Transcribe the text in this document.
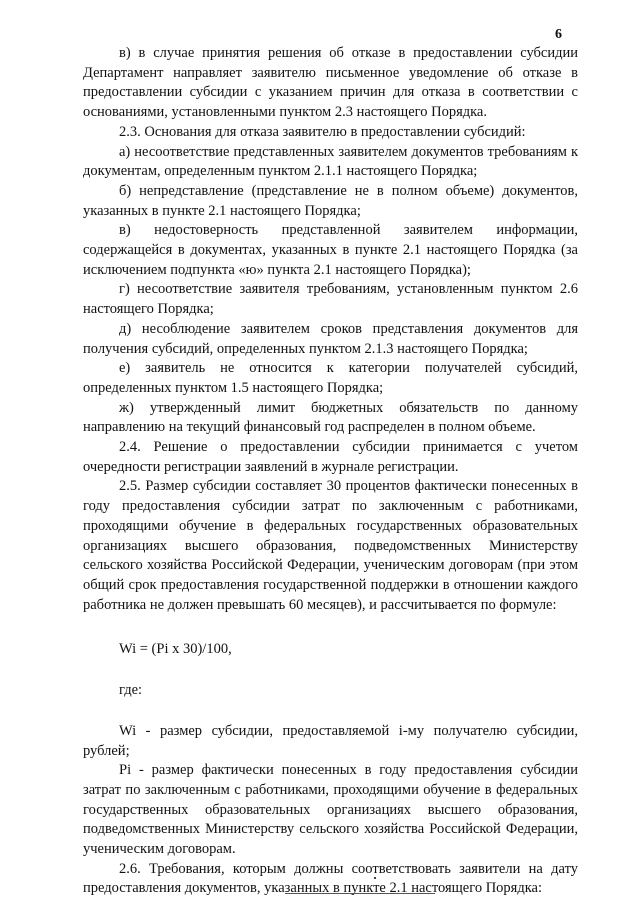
6

в) в случае принятия решения об отказе в предоставлении субсидии Департамент направляет заявителю письменное уведомление об отказе в предоставлении субсидии с указанием причин для отказа в соответствии с основаниями, установленными пунктом 2.3 настоящего Порядка.

2.3. Основания для отказа заявителю в предоставлении субсидий:

а) несоответствие представленных заявителем документов требованиям к документам, определенным пунктом 2.1.1 настоящего Порядка;

б) непредставление (представление не в полном объеме) документов, указанных в пункте 2.1 настоящего Порядка;

в) недостоверность представленной заявителем информации, содержащейся в документах, указанных в пункте 2.1 настоящего Порядка (за исключением подпункта «ю» пункта 2.1 настоящего Порядка);

г) несоответствие заявителя требованиям, установленным пунктом 2.6 настоящего Порядка;

д) несоблюдение заявителем сроков представления документов для получения субсидий, определенных пунктом 2.1.3 настоящего Порядка;

е) заявитель не относится к категории получателей субсидий, определенных пунктом 1.5 настоящего Порядка;

ж) утвержденный лимит бюджетных обязательств по данному направлению на текущий финансовый год распределен в полном объеме.

2.4. Решение о предоставлении субсидии принимается с учетом очередности регистрации заявлений в журнале регистрации.

2.5. Размер субсидии составляет 30 процентов фактически понесенных в году предоставления субсидии затрат по заключенным с работниками, проходящими обучение в федеральных государственных образовательных организациях высшего образования, подведомственных Министерству сельского хозяйства Российской Федерации, ученическим договорам (при этом общий срок предоставления государственной поддержки в отношении каждого работника не должен превышать 60 месяцев), и рассчитывается по формуле:

Wi = (Pi x 30)/100,

где:

Wi - размер субсидии, предоставляемой i-му получателю субсидии, рублей;

Pi - размер фактически понесенных в году предоставления субсидии затрат по заключенным с работниками, проходящими обучение в федеральных государственных образовательных организациях высшего образования, подведомственных Министерству сельского хозяйства Российской Федерации, ученическим договорам.

2.6. Требования, которым должны соответствовать заявители на дату предоставления документов, указанных в пункте 2.1 настоящего Порядка:
